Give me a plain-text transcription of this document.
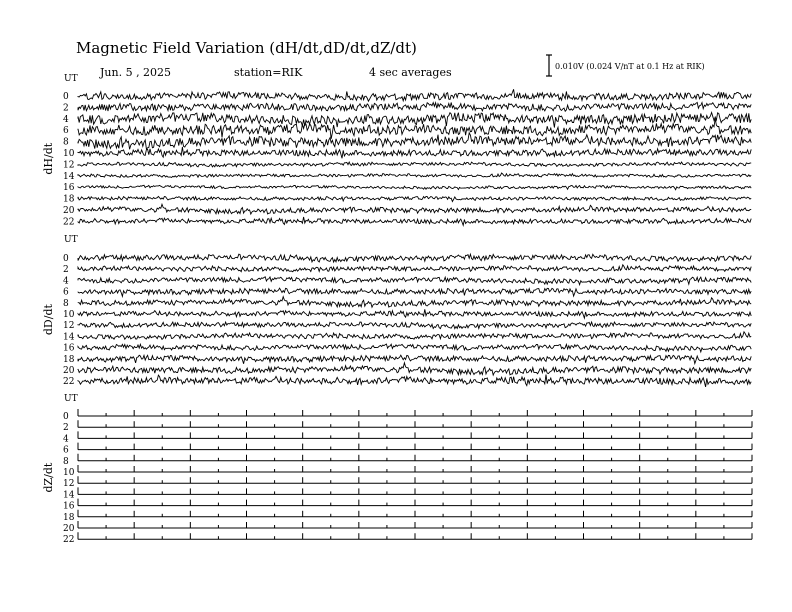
Magnetic Field Variation (dH/dt,dD/dt,dZ/dt)
Jun. 5 , 2025	station=RIK	4 sec averages	0.010V (0.024 V/nT at 0.1 Hz at RIK)
UT
dH/dt
0
2
4
6
8
10
12
14
16
18
20
22
UT
dD/dt
0
2
4
6
8
10
12
14
16
18
20
22
UT
dZ/dt
0
2
4
6
8
10
12
14
16
18
20
22
